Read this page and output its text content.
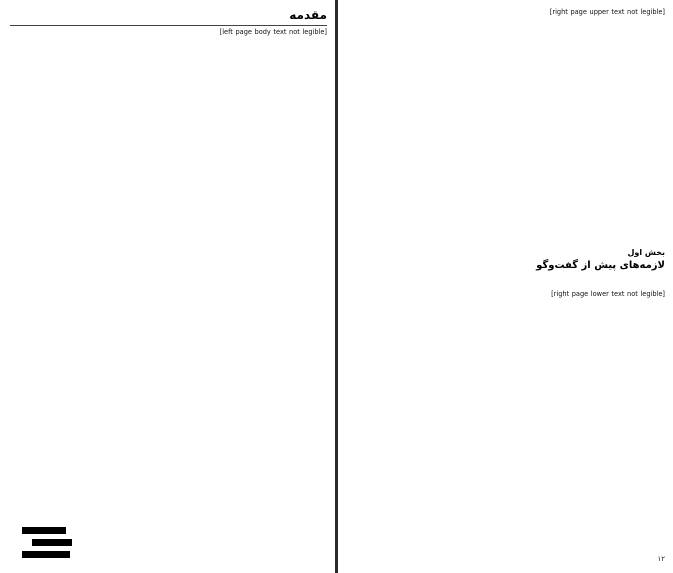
مقدمه

[left page body text not legible]

[right page upper text not legible]

بخش اول
لازمه‌های پیش از گفت‌وگو

[right page lower text not legible]

۱۲
